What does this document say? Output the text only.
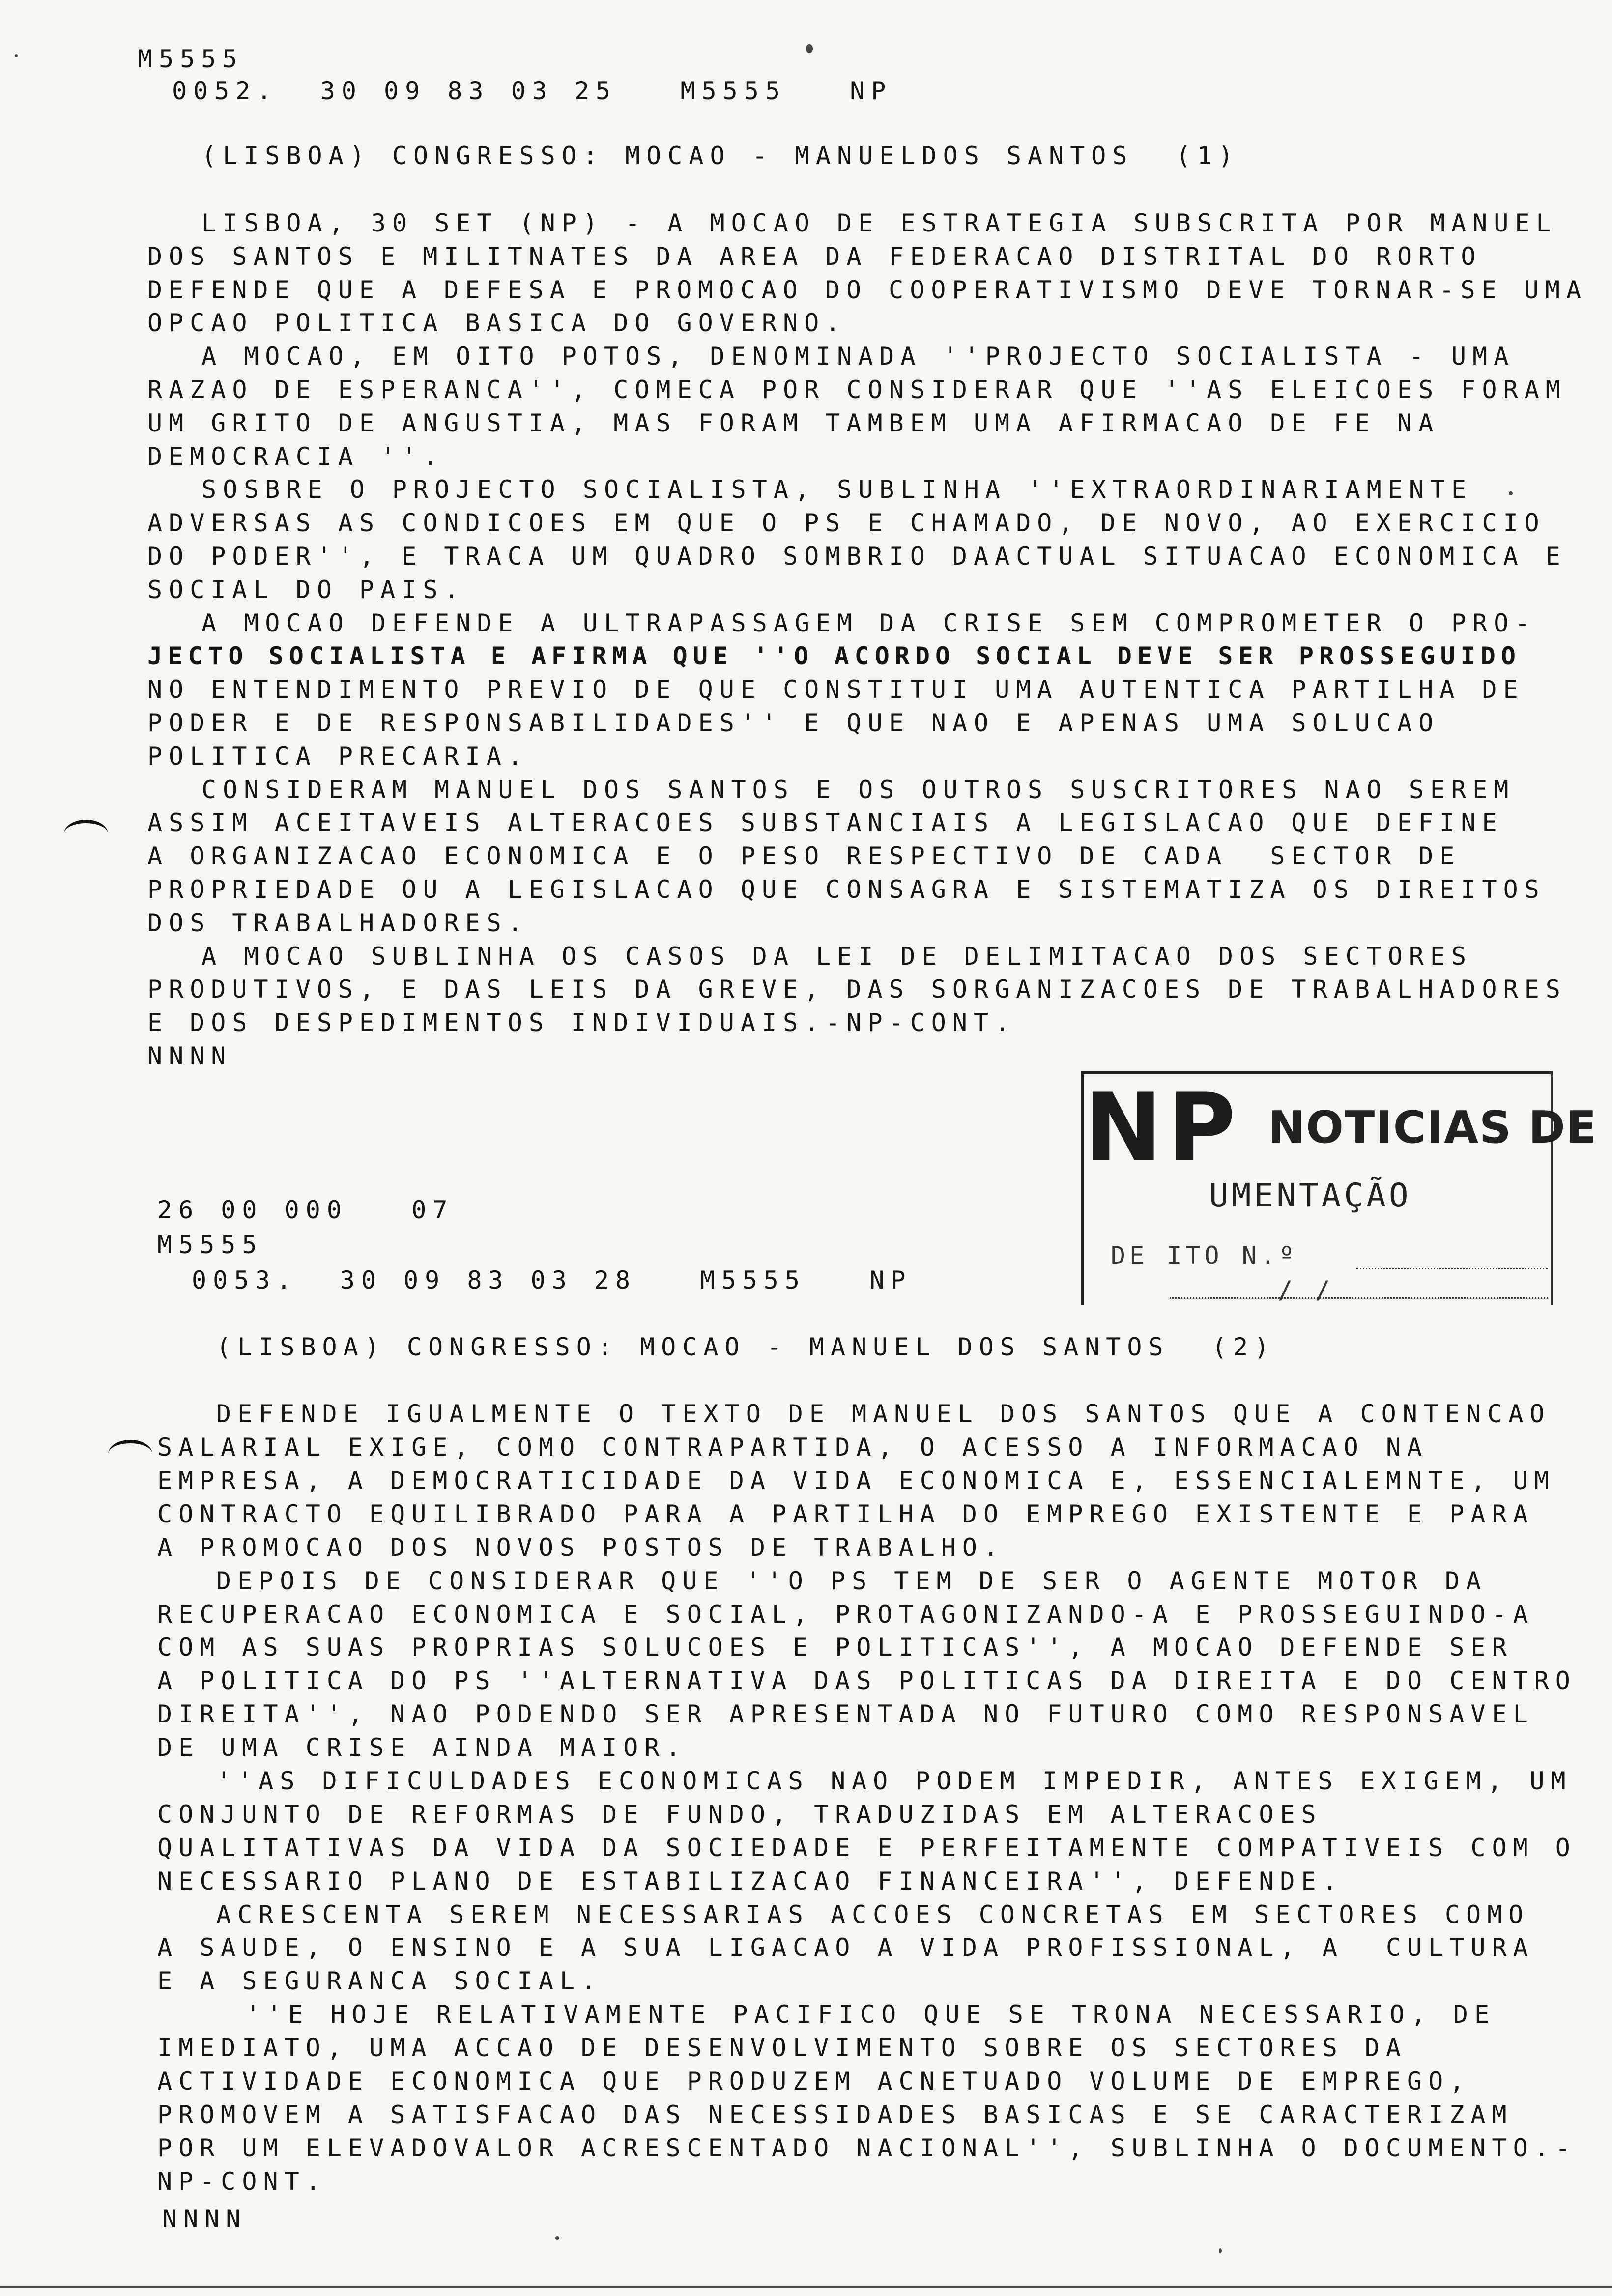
M5555
0052.  30 09 83 03 25   M5555   NP
(LISBOA) CONGRESSO: MOCAO - MANUELDOS SANTOS  (1)
LISBOA, 30 SET (NP) - A MOCAO DE ESTRATEGIA SUBSCRITA POR MANUEL
DOS SANTOS E MILITNATES DA AREA DA FEDERACAO DISTRITAL DO RORTO
DEFENDE QUE A DEFESA E PROMOCAO DO COOPERATIVISMO DEVE TORNAR-SE UMA
OPCAO POLITICA BASICA DO GOVERNO.
A MOCAO, EM OITO POTOS, DENOMINADA ''PROJECTO SOCIALISTA - UMA
RAZAO DE ESPERANCA'', COMECA POR CONSIDERAR QUE ''AS ELEICOES FORAM
UM GRITO DE ANGUSTIA, MAS FORAM TAMBEM UMA AFIRMACAO DE FE NA
DEMOCRACIA ''.
SOSBRE O PROJECTO SOCIALISTA, SUBLINHA ''EXTRAORDINARIAMENTE
ADVERSAS AS CONDICOES EM QUE O PS E CHAMADO, DE NOVO, AO EXERCICIO
DO PODER'', E TRACA UM QUADRO SOMBRIO DAACTUAL SITUACAO ECONOMICA E
SOCIAL DO PAIS.
A MOCAO DEFENDE A ULTRAPASSAGEM DA CRISE SEM COMPROMETER O PRO-
JECTO SOCIALISTA E AFIRMA QUE ''O ACORDO SOCIAL DEVE SER PROSSEGUIDO
NO ENTENDIMENTO PREVIO DE QUE CONSTITUI UMA AUTENTICA PARTILHA DE
PODER E DE RESPONSABILIDADES'' E QUE NAO E APENAS UMA SOLUCAO
POLITICA PRECARIA.
CONSIDERAM MANUEL DOS SANTOS E OS OUTROS SUSCRITORES NAO SEREM
ASSIM ACEITAVEIS ALTERACOES SUBSTANCIAIS A LEGISLACAO QUE DEFINE
A ORGANIZACAO ECONOMICA E O PESO RESPECTIVO DE CADA  SECTOR DE
PROPRIEDADE OU A LEGISLACAO QUE CONSAGRA E SISTEMATIZA OS DIREITOS
DOS TRABALHADORES.
A MOCAO SUBLINHA OS CASOS DA LEI DE DELIMITACAO DOS SECTORES
PRODUTIVOS, E DAS LEIS DA GREVE, DAS SORGANIZACOES DE TRABALHADORES
E DOS DESPEDIMENTOS INDIVIDUAIS.-NP-CONT.
NNNN
NP NOTICIAS DE
UMENTAÇÃO
DE ITO N.º
/ /
26 00 000   07
M5555
0053.  30 09 83 03 28   M5555   NP
(LISBOA) CONGRESSO: MOCAO - MANUEL DOS SANTOS  (2)
DEFENDE IGUALMENTE O TEXTO DE MANUEL DOS SANTOS QUE A CONTENCAO
SALARIAL EXIGE, COMO CONTRAPARTIDA, O ACESSO A INFORMACAO NA
EMPRESA, A DEMOCRATICIDADE DA VIDA ECONOMICA E, ESSENCIALEMNTE, UM
CONTRACTO EQUILIBRADO PARA A PARTILHA DO EMPREGO EXISTENTE E PARA
A PROMOCAO DOS NOVOS POSTOS DE TRABALHO.
DEPOIS DE CONSIDERAR QUE ''O PS TEM DE SER O AGENTE MOTOR DA
RECUPERACAO ECONOMICA E SOCIAL, PROTAGONIZANDO-A E PROSSEGUINDO-A
COM AS SUAS PROPRIAS SOLUCOES E POLITICAS'', A MOCAO DEFENDE SER
A POLITICA DO PS ''ALTERNATIVA DAS POLITICAS DA DIREITA E DO CENTRO
DIREITA'', NAO PODENDO SER APRESENTADA NO FUTURO COMO RESPONSAVEL
DE UMA CRISE AINDA MAIOR.
''AS DIFICULDADES ECONOMICAS NAO PODEM IMPEDIR, ANTES EXIGEM, UM
CONJUNTO DE REFORMAS DE FUNDO, TRADUZIDAS EM ALTERACOES
QUALITATIVAS DA VIDA DA SOCIEDADE E PERFEITAMENTE COMPATIVEIS COM O
NECESSARIO PLANO DE ESTABILIZACAO FINANCEIRA'', DEFENDE.
ACRESCENTA SEREM NECESSARIAS ACCOES CONCRETAS EM SECTORES COMO
A SAUDE, O ENSINO E A SUA LIGACAO A VIDA PROFISSIONAL, A  CULTURA
E A SEGURANCA SOCIAL.
''E HOJE RELATIVAMENTE PACIFICO QUE SE TRONA NECESSARIO, DE
IMEDIATO, UMA ACCAO DE DESENVOLVIMENTO SOBRE OS SECTORES DA
ACTIVIDADE ECONOMICA QUE PRODUZEM ACNETUADO VOLUME DE EMPREGO,
PROMOVEM A SATISFACAO DAS NECESSIDADES BASICAS E SE CARACTERIZAM
POR UM ELEVADOVALOR ACRESCENTADO NACIONAL'', SUBLINHA O DOCUMENTO.-
NP-CONT.
NNNN
